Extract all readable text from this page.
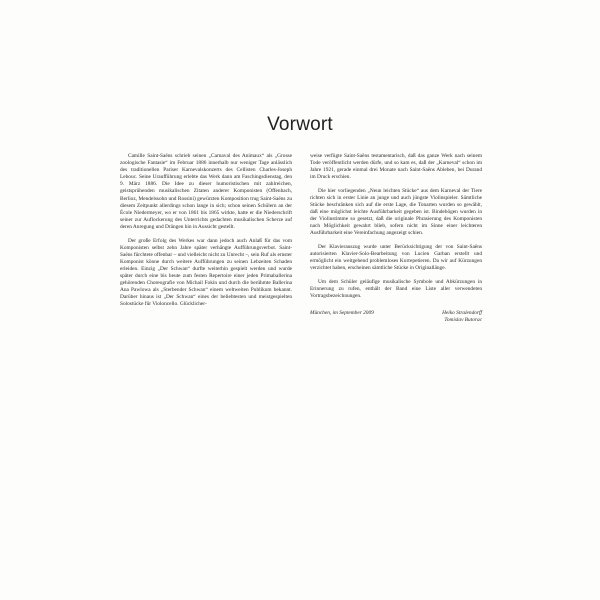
Vorwort

Camille Saint-Saëns schrieb seinen „Carnaval des Animaux“ als „Grosse zoologische Fantasie“ im Februar 1886 innerhalb nur weniger Tage anlässlich des traditionellen Pariser Karnevalskonzerts des Cellisten Charles-Joseph Lebouc. Seine Uraufführung erlebte das Werk dann am Faschingsdienstag, den 9. März 1886. Die Idee zu dieser humoristischen mit zahlreichen, geistsprühenden musikalischen Zitaten anderer Komponisten (Offenbach, Berlioz, Mendelssohn und Rossini) gewürzten Komposition trug Saint-Saëns zu diesem Zeitpunkt allerdings schon lange in sich; schon seinen Schülern an der École Niedermeyer, wo er von 1861 bis 1865 wirkte, hatte er die Niederschrift seiner zur Auflockerung des Unterrichts gedachten musikalischen Scherze auf deren Anregung und Drängen hin in Aussicht gestellt.

Der große Erfolg des Werkes war dann jedoch auch Anlaß für das vom Komponisten selbst zehn Jahre später verhängte Aufführungsverbot. Saint-Saëns fürchtete offenbar – und vielleicht nicht zu Unrecht –, sein Ruf als ernster Komponist könne durch weitere Aufführungen zu seinen Lebzeiten Schaden erleiden. Einzig „Der Schwan“ durfte weiterhin gespielt werden und wurde später durch eine bis heute zum festen Repertoire einer jeden Primaballerina gehörenden Choreografie von Michail Fokin und durch die berühmte Ballerina Ana Pawlowa als „Sterbender Schwan“ einem weltweiten Publikum bekannt. Darüber hinaus ist „Der Schwan“ eines der beliebtesten und meistgespielten Solostücke für Violoncello. Glücklicher-

weise verfügte Saint-Saëns testamentarisch, daß das ganze Werk nach seinem Tode veröffentlicht werden dürfe, und so kam es, daß der „Karneval“ schon im Jahre 1921, gerade einmal drei Monate nach Saint-Saëns Ableben, bei Durand im Druck erschien.

Die hier vorliegenden „Neun leichten Stücke“ aus dem Karneval der Tiere richten sich in erster Linie an junge und auch jüngste Violinspieler. Sämtliche Stücke beschränken sich auf die erste Lage, die Tonarten wurden so gewählt, daß eine möglichst leichte Ausführbarkeit gegeben ist. Bindebögen wurden in der Violinstimme so gesetzt, daß die originale Phrasierung des Komponisten nach Möglichkeit gewahrt blieb, sofern nicht im Sinne einer leichteren Ausführbarkeit eine Vereinfachung angezeigt schien.

Der Klavierauszug wurde unter Berücksichtigung der von Saint-Saëns autorisierten Klavier-Solo-Bearbeitung von Lucien Garban erstellt und ermöglicht ein weitgehend problemloses Korrepetieren. Da wir auf Kürzungen verzichtet haben, erscheinen sämtliche Stücke in Originallänge.

Um dem Schüler geläufige musikalische Symbole und Abkürzungen in Erinnerung zu rufen, enthält der Band eine Liste aller verwendeten Vortragsbezeichnungen.

München, im September 2009	Heiko Stralendorff
Tomislav Butorac
